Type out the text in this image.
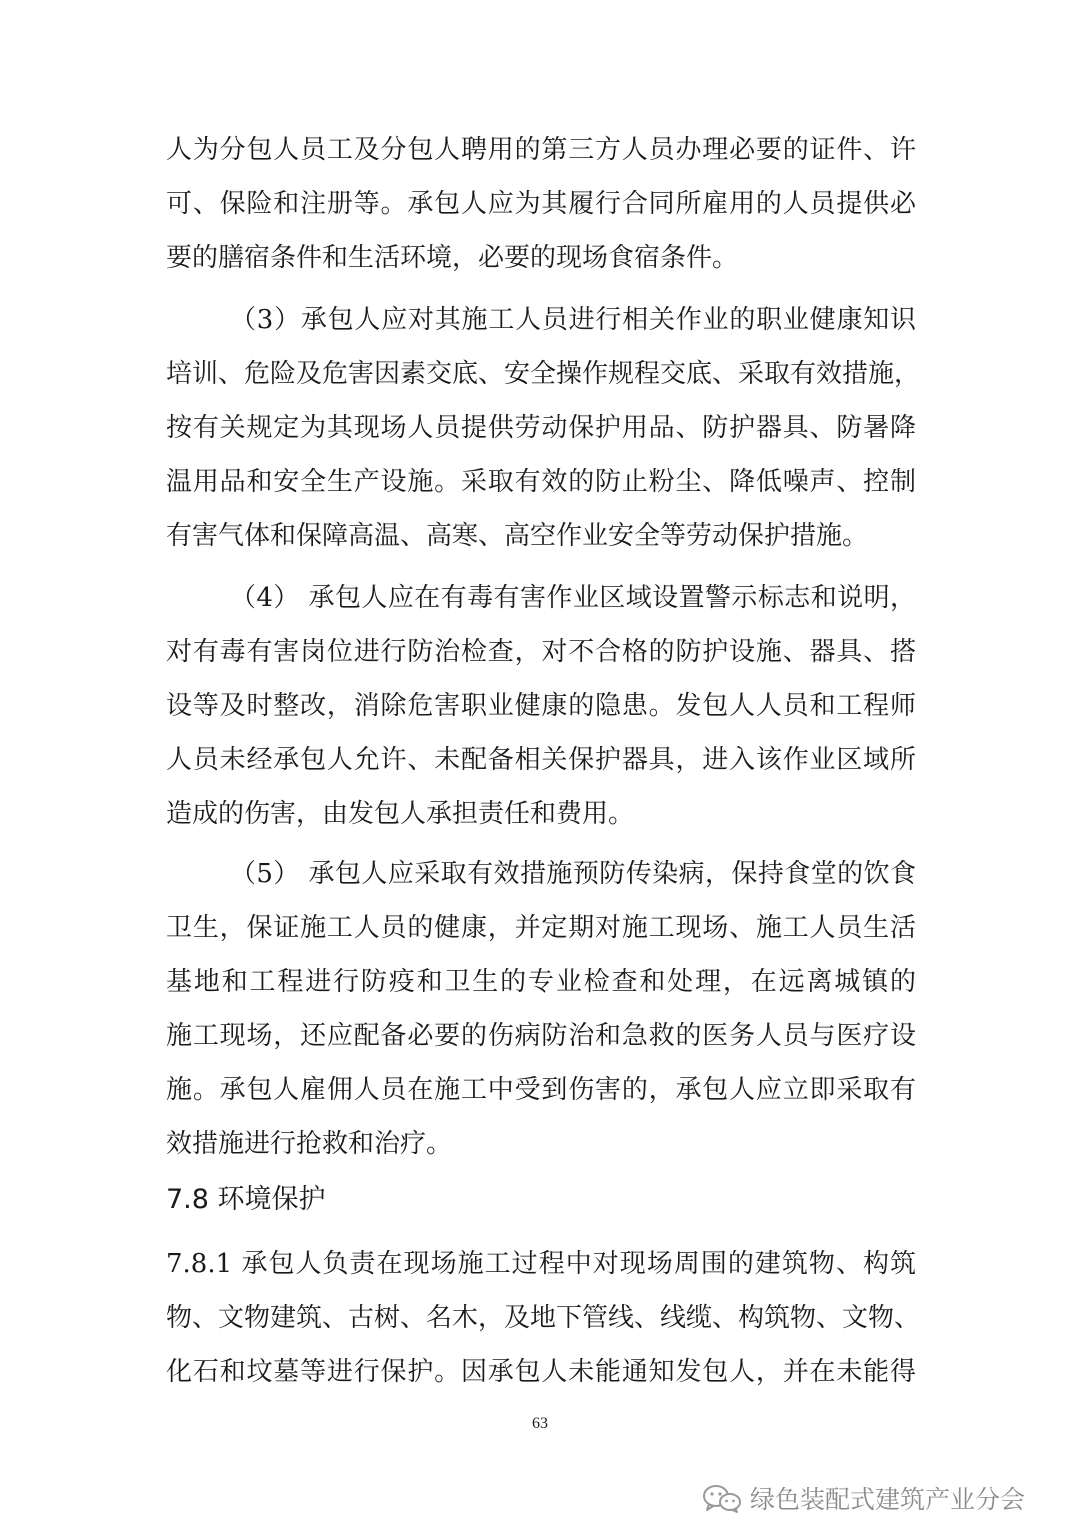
人为分包人员工及分包人聘用的第三方人员办理必要的证件、许
可、保险和注册等。承包人应为其履行合同所雇用的人员提供必
要的膳宿条件和生活环境，必要的现场食宿条件。
（3）承包人应对其施工人员进行相关作业的职业健康知识
培训、危险及危害因素交底、安全操作规程交底、采取有效措施，
按有关规定为其现场人员提供劳动保护用品、防护器具、防暑降
温用品和安全生产设施。采取有效的防止粉尘、降低噪声、控制
有害气体和保障高温、高寒、高空作业安全等劳动保护措施。
（4） 承包人应在有毒有害作业区域设置警示标志和说明，
对有毒有害岗位进行防治检查，对不合格的防护设施、器具、搭
设等及时整改，消除危害职业健康的隐患。发包人人员和工程师
人员未经承包人允许、未配备相关保护器具，进入该作业区域所
造成的伤害，由发包人承担责任和费用。
（5） 承包人应采取有效措施预防传染病，保持食堂的饮食
卫生，保证施工人员的健康，并定期对施工现场、施工人员生活
基地和工程进行防疫和卫生的专业检查和处理，在远离城镇的
施工现场，还应配备必要的伤病防治和急救的医务人员与医疗设
施。承包人雇佣人员在施工中受到伤害的，承包人应立即采取有
效措施进行抢救和治疗。
7.8 环境保护
7.8.1 承包人负责在现场施工过程中对现场周围的建筑物、构筑
物、文物建筑、古树、名木，及地下管线、线缆、构筑物、文物、
化石和坟墓等进行保护。因承包人未能通知发包人，并在未能得
63
绿色装配式建筑产业分会
